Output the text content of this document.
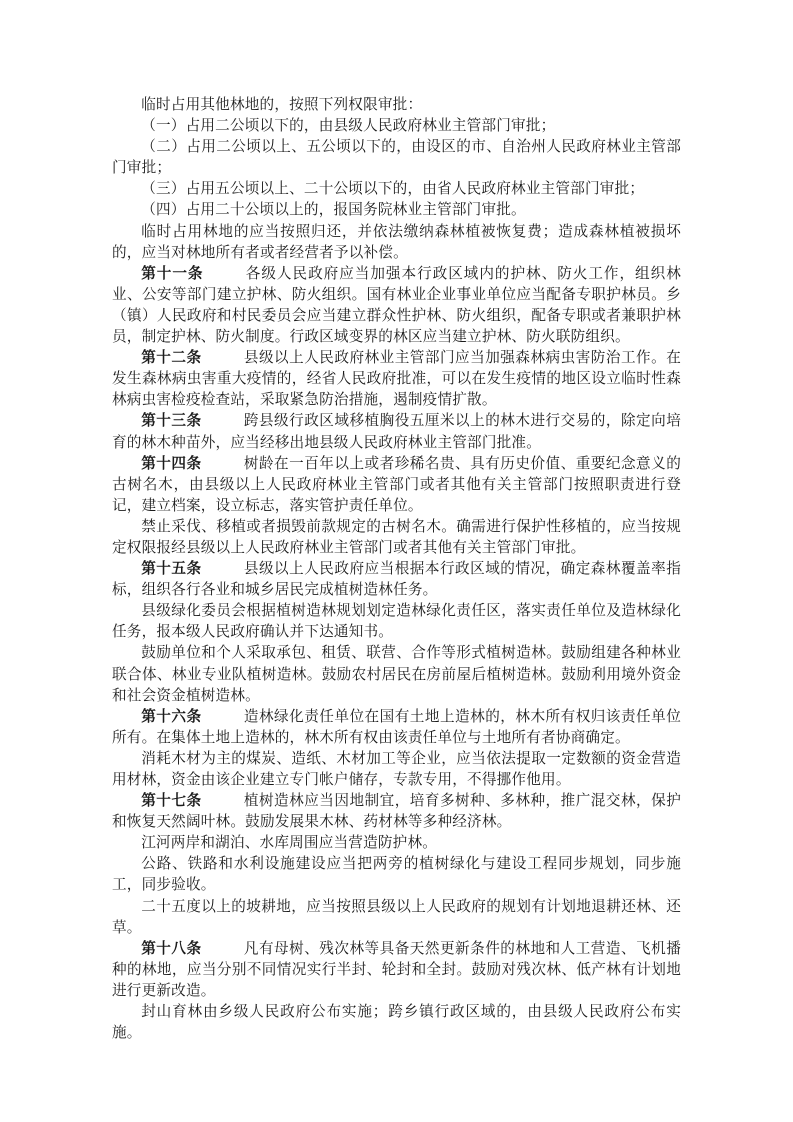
临时占用其他林地的，按照下列权限审批：

（一）占用二公顷以下的，由县级人民政府林业主管部门审批；

（二）占用二公顷以上、五公顷以下的，由设区的市、自治州人民政府林业主管部门审批；

（三）占用五公顷以上、二十公顷以下的，由省人民政府林业主管部门审批；

（四）占用二十公顷以上的，报国务院林业主管部门审批。

临时占用林地的应当按照归还，并依法缴纳森林植被恢复费；造成森林植被损坏的，应当对林地所有者或者经营者予以补偿。

第十一条	各级人民政府应当加强本行政区域内的护林、防火工作，组织林业、公安等部门建立护林、防火组织。国有林业企业事业单位应当配备专职护林员。乡（镇）人民政府和村民委员会应当建立群众性护林、防火组织，配备专职或者兼职护林员，制定护林、防火制度。行政区域变界的林区应当建立护林、防火联防组织。

第十二条	县级以上人民政府林业主管部门应当加强森林病虫害防治工作。在发生森林病虫害重大疫情的，经省人民政府批准，可以在发生疫情的地区设立临时性森林病虫害检疫检查站，采取紧急防治措施，遏制疫情扩散。

第十三条	跨县级行政区域移植胸役五厘米以上的林木进行交易的，除定向培育的林木种苗外，应当经移出地县级人民政府林业主管部门批准。

第十四条	树龄在一百年以上或者珍稀名贵、具有历史价值、重要纪念意义的古树名木，由县级以上人民政府林业主管部门或者其他有关主管部门按照职责进行登记，建立档案，设立标志，落实管护责任单位。

禁止采伐、移植或者损毁前款规定的古树名木。确需进行保护性移植的，应当按规定权限报经县级以上人民政府林业主管部门或者其他有关主管部门审批。

第十五条	县级以上人民政府应当根据本行政区域的情况，确定森林覆盖率指标，组织各行各业和城乡居民完成植树造林任务。

县级绿化委员会根据植树造林规划划定造林绿化责任区，落实责任单位及造林绿化任务，报本级人民政府确认并下达通知书。

鼓励单位和个人采取承包、租赁、联营、合作等形式植树造林。鼓励组建各种林业联合体、林业专业队植树造林。鼓励农村居民在房前屋后植树造林。鼓励利用境外资金和社会资金植树造林。

第十六条	造林绿化责任单位在国有土地上造林的，林木所有权归该责任单位所有。在集体土地上造林的，林木所有权由该责任单位与土地所有者协商确定。

消耗木材为主的煤炭、造纸、木材加工等企业，应当依法提取一定数额的资金营造用材林，资金由该企业建立专门帐户储存，专款专用，不得挪作他用。

第十七条	植树造林应当因地制宜，培育多树种、多林种，推广混交林，保护和恢复天然阔叶林。鼓励发展果木林、药材林等多种经济林。

江河两岸和湖泊、水库周围应当营造防护林。

公路、铁路和水利设施建设应当把两旁的植树绿化与建设工程同步规划，同步施工，同步验收。

二十五度以上的坡耕地，应当按照县级以上人民政府的规划有计划地退耕还林、还草。

第十八条	凡有母树、残次林等具备天然更新条件的林地和人工营造、飞机播种的林地，应当分别不同情况实行半封、轮封和全封。鼓励对残次林、低产林有计划地进行更新改造。

封山育林由乡级人民政府公布实施；跨乡镇行政区域的，由县级人民政府公布实施。
